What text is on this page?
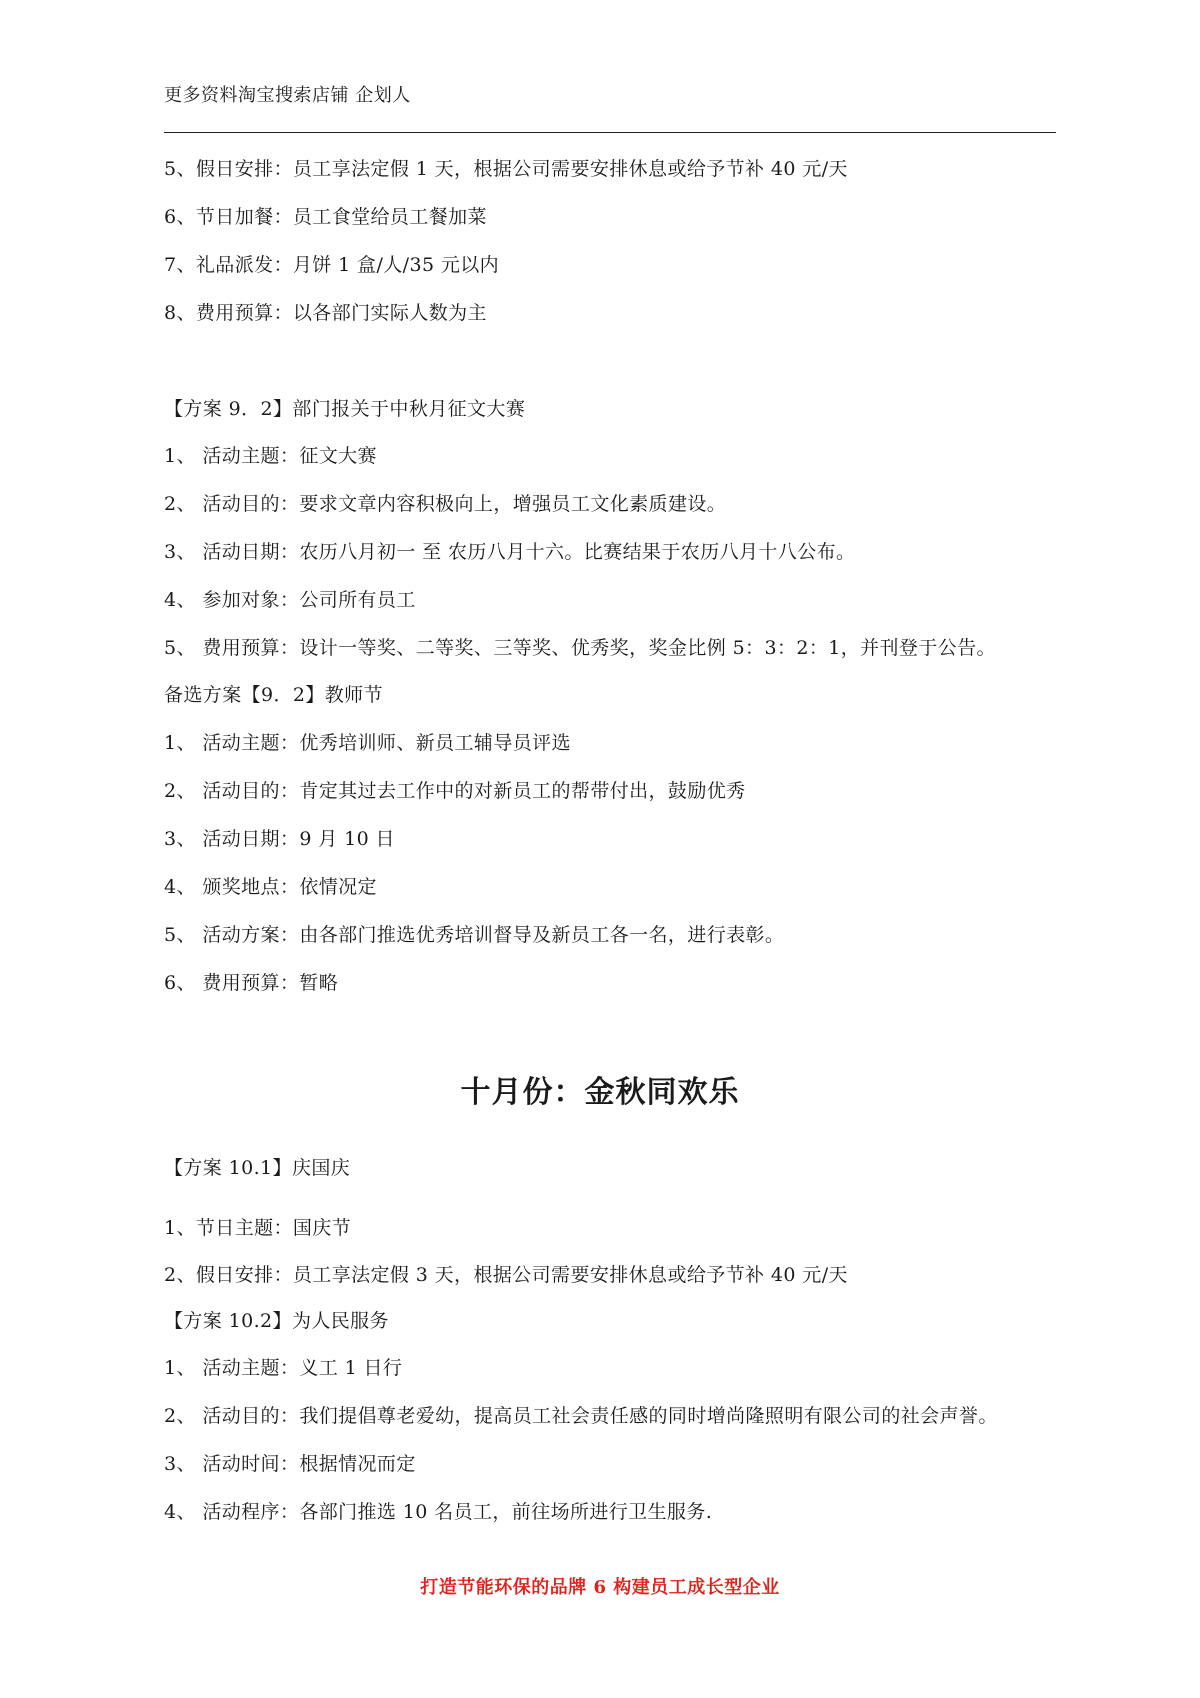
更多资料淘宝搜索店铺 企划人
5、假日安排：员工享法定假 1 天，根据公司需要安排休息或给予节补 40 元/天
6、节日加餐：员工食堂给员工餐加菜
7、礼品派发：月饼 1 盒/人/35 元以内
8、费用预算：以各部门实际人数为主
【方案 9．2】部门报关于中秋月征文大赛
1、 活动主题：征文大赛
2、 活动目的：要求文章内容积极向上，增强员工文化素质建设。
3、 活动日期：农历八月初一 至 农历八月十六。比赛结果于农历八月十八公布。
4、 参加对象：公司所有员工
5、 费用预算：设计一等奖、二等奖、三等奖、优秀奖，奖金比例 5：3：2：1，并刊登于公告。
备选方案【9．2】教师节
1、 活动主题：优秀培训师、新员工辅导员评选
2、 活动目的：肯定其过去工作中的对新员工的帮带付出，鼓励优秀
3、 活动日期：9 月 10 日
4、 颁奖地点：依情况定
5、 活动方案：由各部门推选优秀培训督导及新员工各一名，进行表彰。
6、 费用预算：暂略
十月份：金秋同欢乐
【方案 10.1】庆国庆
1、节日主题：国庆节
2、假日安排：员工享法定假 3 天，根据公司需要安排休息或给予节补 40 元/天
【方案 10.2】为人民服务
1、 活动主题：义工 1 日行
2、 活动目的：我们提倡尊老爱幼，提高员工社会责任感的同时增尚隆照明有限公司的社会声誉。
3、 活动时间：根据情况而定
4、 活动程序：各部门推选 10 名员工，前往场所进行卫生服务.
打造节能环保的品牌 6 构建员工成长型企业
